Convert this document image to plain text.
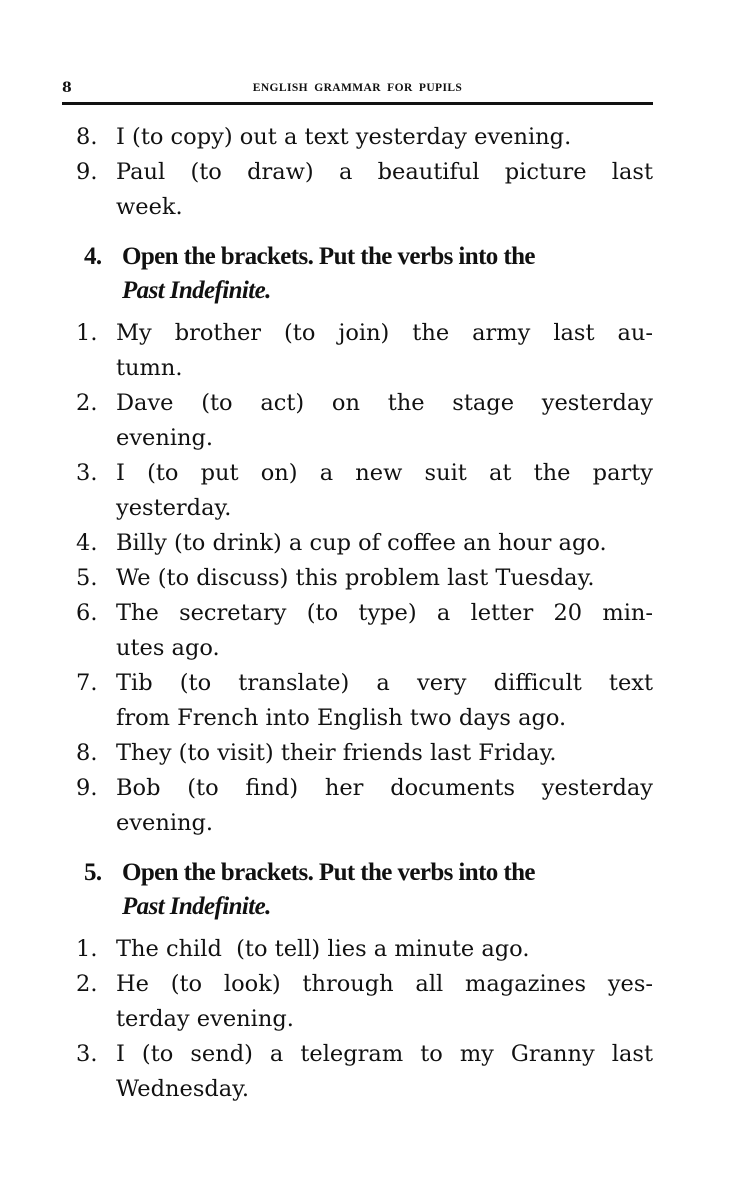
8	ENGLISH GRAMMAR FOR PUPILS
8. I (to copy) out a text yesterday evening.
9. Paul (to draw) a beautiful picture last
week.
4. Open the brackets. Put the verbs into the
Past Indefinite.
1. My brother (to join) the army last au-
tumn.
2. Dave (to act) on the stage yesterday
evening.
3. I (to put on) a new suit at the party
yesterday.
4. Billy (to drink) a cup of coffee an hour ago.
5. We (to discuss) this problem last Tuesday.
6. The secretary (to type) a letter 20 min-
utes ago.
7. Tib (to translate) a very difficult text
from French into English two days ago.
8. They (to visit) their friends last Friday.
9. Bob (to find) her documents yesterday
evening.
5. Open the brackets. Put the verbs into the
Past Indefinite.
1. The child  (to tell) lies a minute ago.
2. He (to look) through all magazines yes-
terday evening.
3. I (to send) a telegram to my Granny last
Wednesday.
